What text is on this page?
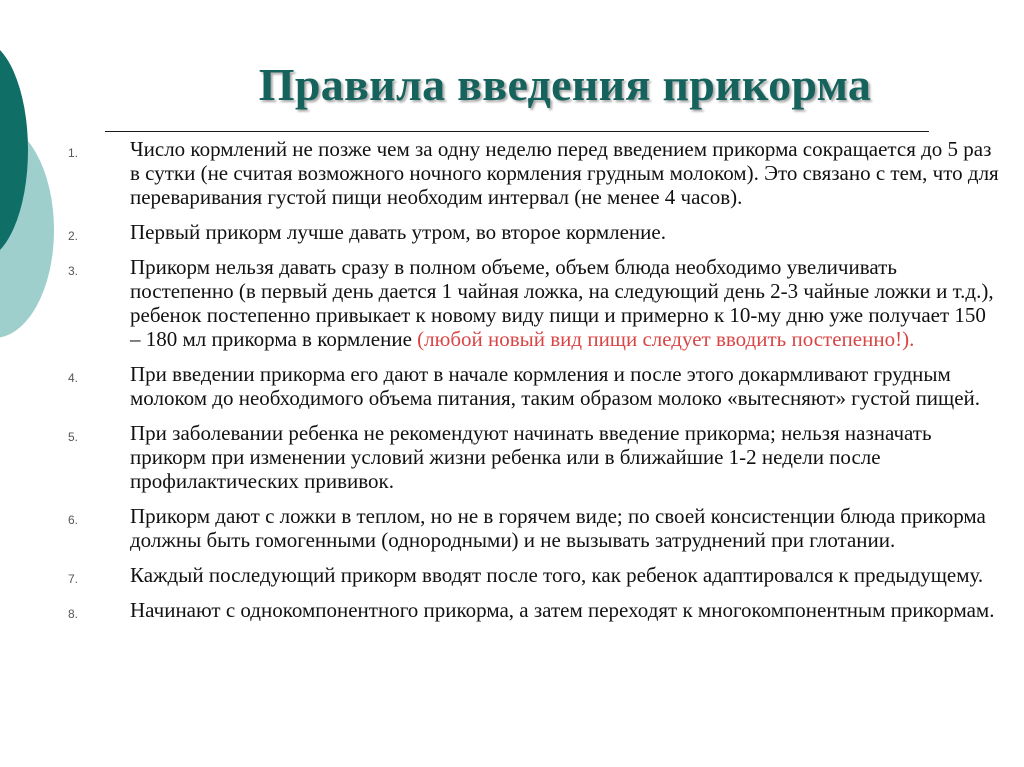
Правила введения прикорма
1. Число кормлений не позже чем за одну неделю перед введением прикорма сокращается до 5 раз в сутки (не считая возможного ночного кормления грудным молоком). Это связано с тем, что для переваривания густой пищи необходим интервал (не менее 4 часов).
2. Первый прикорм лучше давать утром, во второе кормление.
3. Прикорм нельзя давать сразу в полном объеме, объем блюда необходимо увеличивать постепенно (в первый день дается 1 чайная ложка, на следующий день 2-3 чайные ложки и т.д.), ребенок постепенно привыкает к новому виду пищи и примерно к 10-му дню уже получает 150 – 180 мл прикорма в кормление (любой новый вид пищи следует вводить постепенно!).
4. При введении прикорма его дают в начале кормления и после этого докармливают грудным молоком до необходимого объема питания, таким образом молоко «вытесняют» густой пищей.
5. При заболевании ребенка не рекомендуют начинать введение прикорма; нельзя назначать прикорм при изменении условий жизни ребенка или в ближайшие 1-2 недели после профилактических прививок.
6. Прикорм дают с ложки в теплом, но не в горячем виде; по своей консистенции блюда прикорма должны быть гомогенными (однородными) и не вызывать затруднений при глотании.
7. Каждый последующий прикорм вводят после того, как ребенок адаптировался к предыдущему.
8. Начинают с однокомпонентного прикорма, а затем переходят к многокомпонентным прикормам.
